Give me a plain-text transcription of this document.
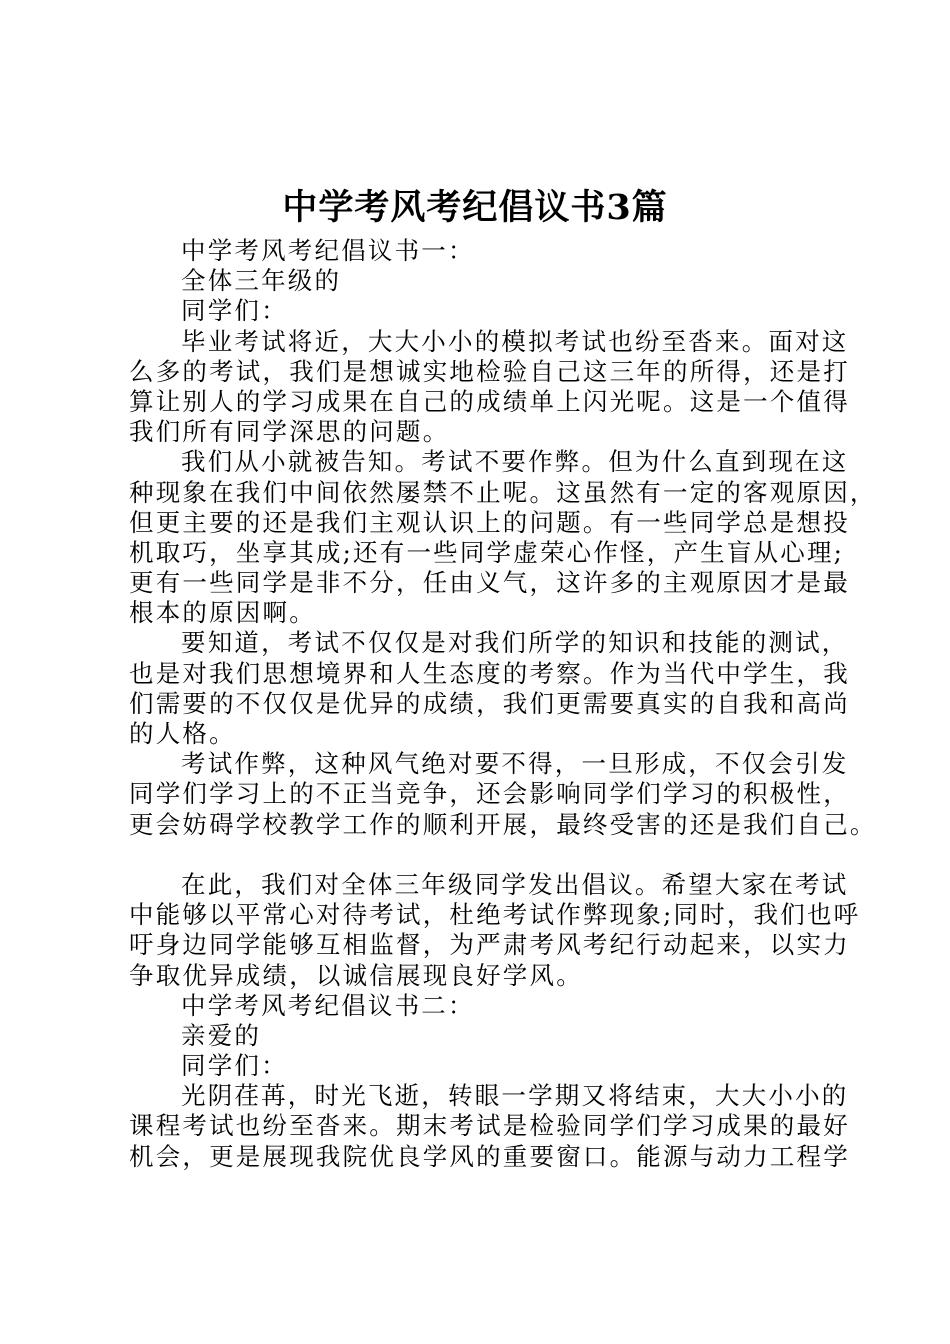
中学考风考纪倡议书3篇
中学考风考纪倡议书一：
全体三年级的
同学们：
毕业考试将近，大大小小的模拟考试也纷至沓来。面对这
么多的考试，我们是想诚实地检验自己这三年的所得，还是打
算让别人的学习成果在自己的成绩单上闪光呢。这是一个值得
我们所有同学深思的问题。
我们从小就被告知。考试不要作弊。但为什么直到现在这
种现象在我们中间依然屡禁不止呢。这虽然有一定的客观原因，
但更主要的还是我们主观认识上的问题。有一些同学总是想投
机取巧，坐享其成;还有一些同学虚荣心作怪，产生盲从心理;
更有一些同学是非不分，任由义气，这许多的主观原因才是最
根本的原因啊。
要知道，考试不仅仅是对我们所学的知识和技能的测试，
也是对我们思想境界和人生态度的考察。作为当代中学生，我
们需要的不仅仅是优异的成绩，我们更需要真实的自我和高尚
的人格。
考试作弊，这种风气绝对要不得，一旦形成，不仅会引发
同学们学习上的不正当竞争，还会影响同学们学习的积极性，
更会妨碍学校教学工作的顺利开展，最终受害的还是我们自己。
在此，我们对全体三年级同学发出倡议。希望大家在考试
中能够以平常心对待考试，杜绝考试作弊现象;同时，我们也呼
吁身边同学能够互相监督，为严肃考风考纪行动起来，以实力
争取优异成绩，以诚信展现良好学风。
中学考风考纪倡议书二：
亲爱的
同学们：
光阴荏苒，时光飞逝，转眼一学期又将结束，大大小小的
课程考试也纷至沓来。期末考试是检验同学们学习成果的最好
机会，更是展现我院优良学风的重要窗口。能源与动力工程学
